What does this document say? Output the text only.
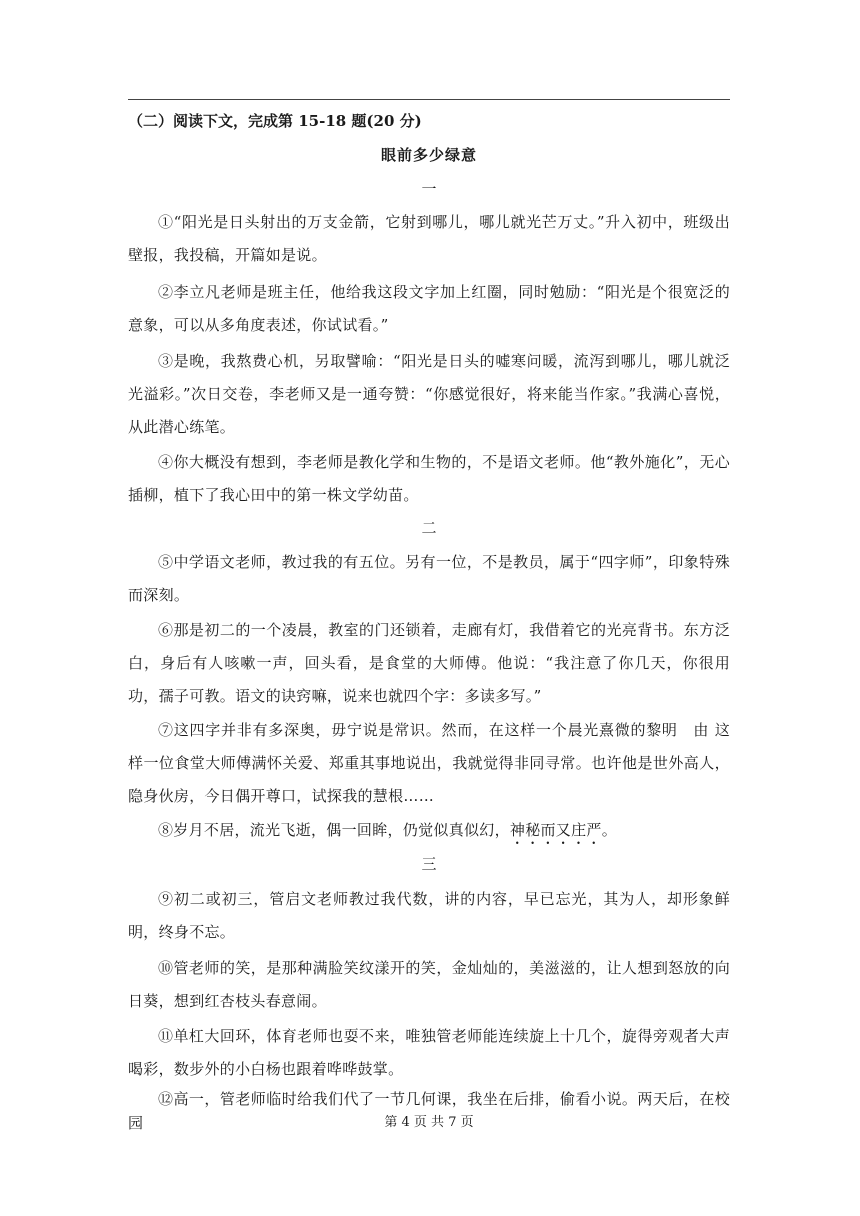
（二）阅读下文，完成第 15-18 题(20 分)
眼前多少绿意
一
①“阳光是日头射出的万支金箭，它射到哪儿，哪儿就光芒万丈。”升入初中，班级出壁报，我投稿，开篇如是说。
②李立凡老师是班主任，他给我这段文字加上红圈，同时勉励：“阳光是个很宽泛的意象，可以从多角度表述，你试试看。”
③是晚，我熬费心机，另取譬喻：“阳光是日头的嘘寒问暖，流泻到哪儿，哪儿就泛光溢彩。”次日交卷，李老师又是一通夸赞：“你感觉很好，将来能当作家。”我满心喜悦，从此潜心练笔。
④你大概没有想到，李老师是教化学和生物的，不是语文老师。他“教外施化”，无心插柳，植下了我心田中的第一株文学幼苗。
二
⑤中学语文老师，教过我的有五位。另有一位，不是教员，属于“四字师”，印象特殊而深刻。
⑥那是初二的一个凌晨，教室的门还锁着，走廊有灯，我借着它的光亮背书。东方泛白，身后有人咳嗽一声，回头看，是食堂的大师傅。他说：“我注意了你几天，你很用功，孺子可教。语文的诀窍嘛，说来也就四个字：多读多写。”
⑦这四字并非有多深奥，毋宁说是常识。然而，在这样一个晨光熹微的黎明　由 这 样一位食堂大师傅满怀关爱、郑重其事地说出，我就觉得非同寻常。也许他是世外高人，隐身伙房，今日偶开尊口，试探我的慧根……
⑧岁月不居，流光飞逝，偶一回眸，仍觉似真似幻，神秘而又庄严。
三
⑨初二或初三，管启文老师教过我代数，讲的内容，早已忘光，其为人，却形象鲜明，终身不忘。
⑩管老师的笑，是那种满脸笑纹漾开的笑，金灿灿的，美滋滋的，让人想到怒放的向日葵，想到红杏枝头春意闹。
⑪单杠大回环，体育老师也耍不来，唯独管老师能连续旋上十几个，旋得旁观者大声喝彩，数步外的小白杨也跟着哗哗鼓掌。
⑫高一，管老师临时给我们代了一节几何课，我坐在后排，偷看小说。两天后，在校园	第 4 页 共 7 页
